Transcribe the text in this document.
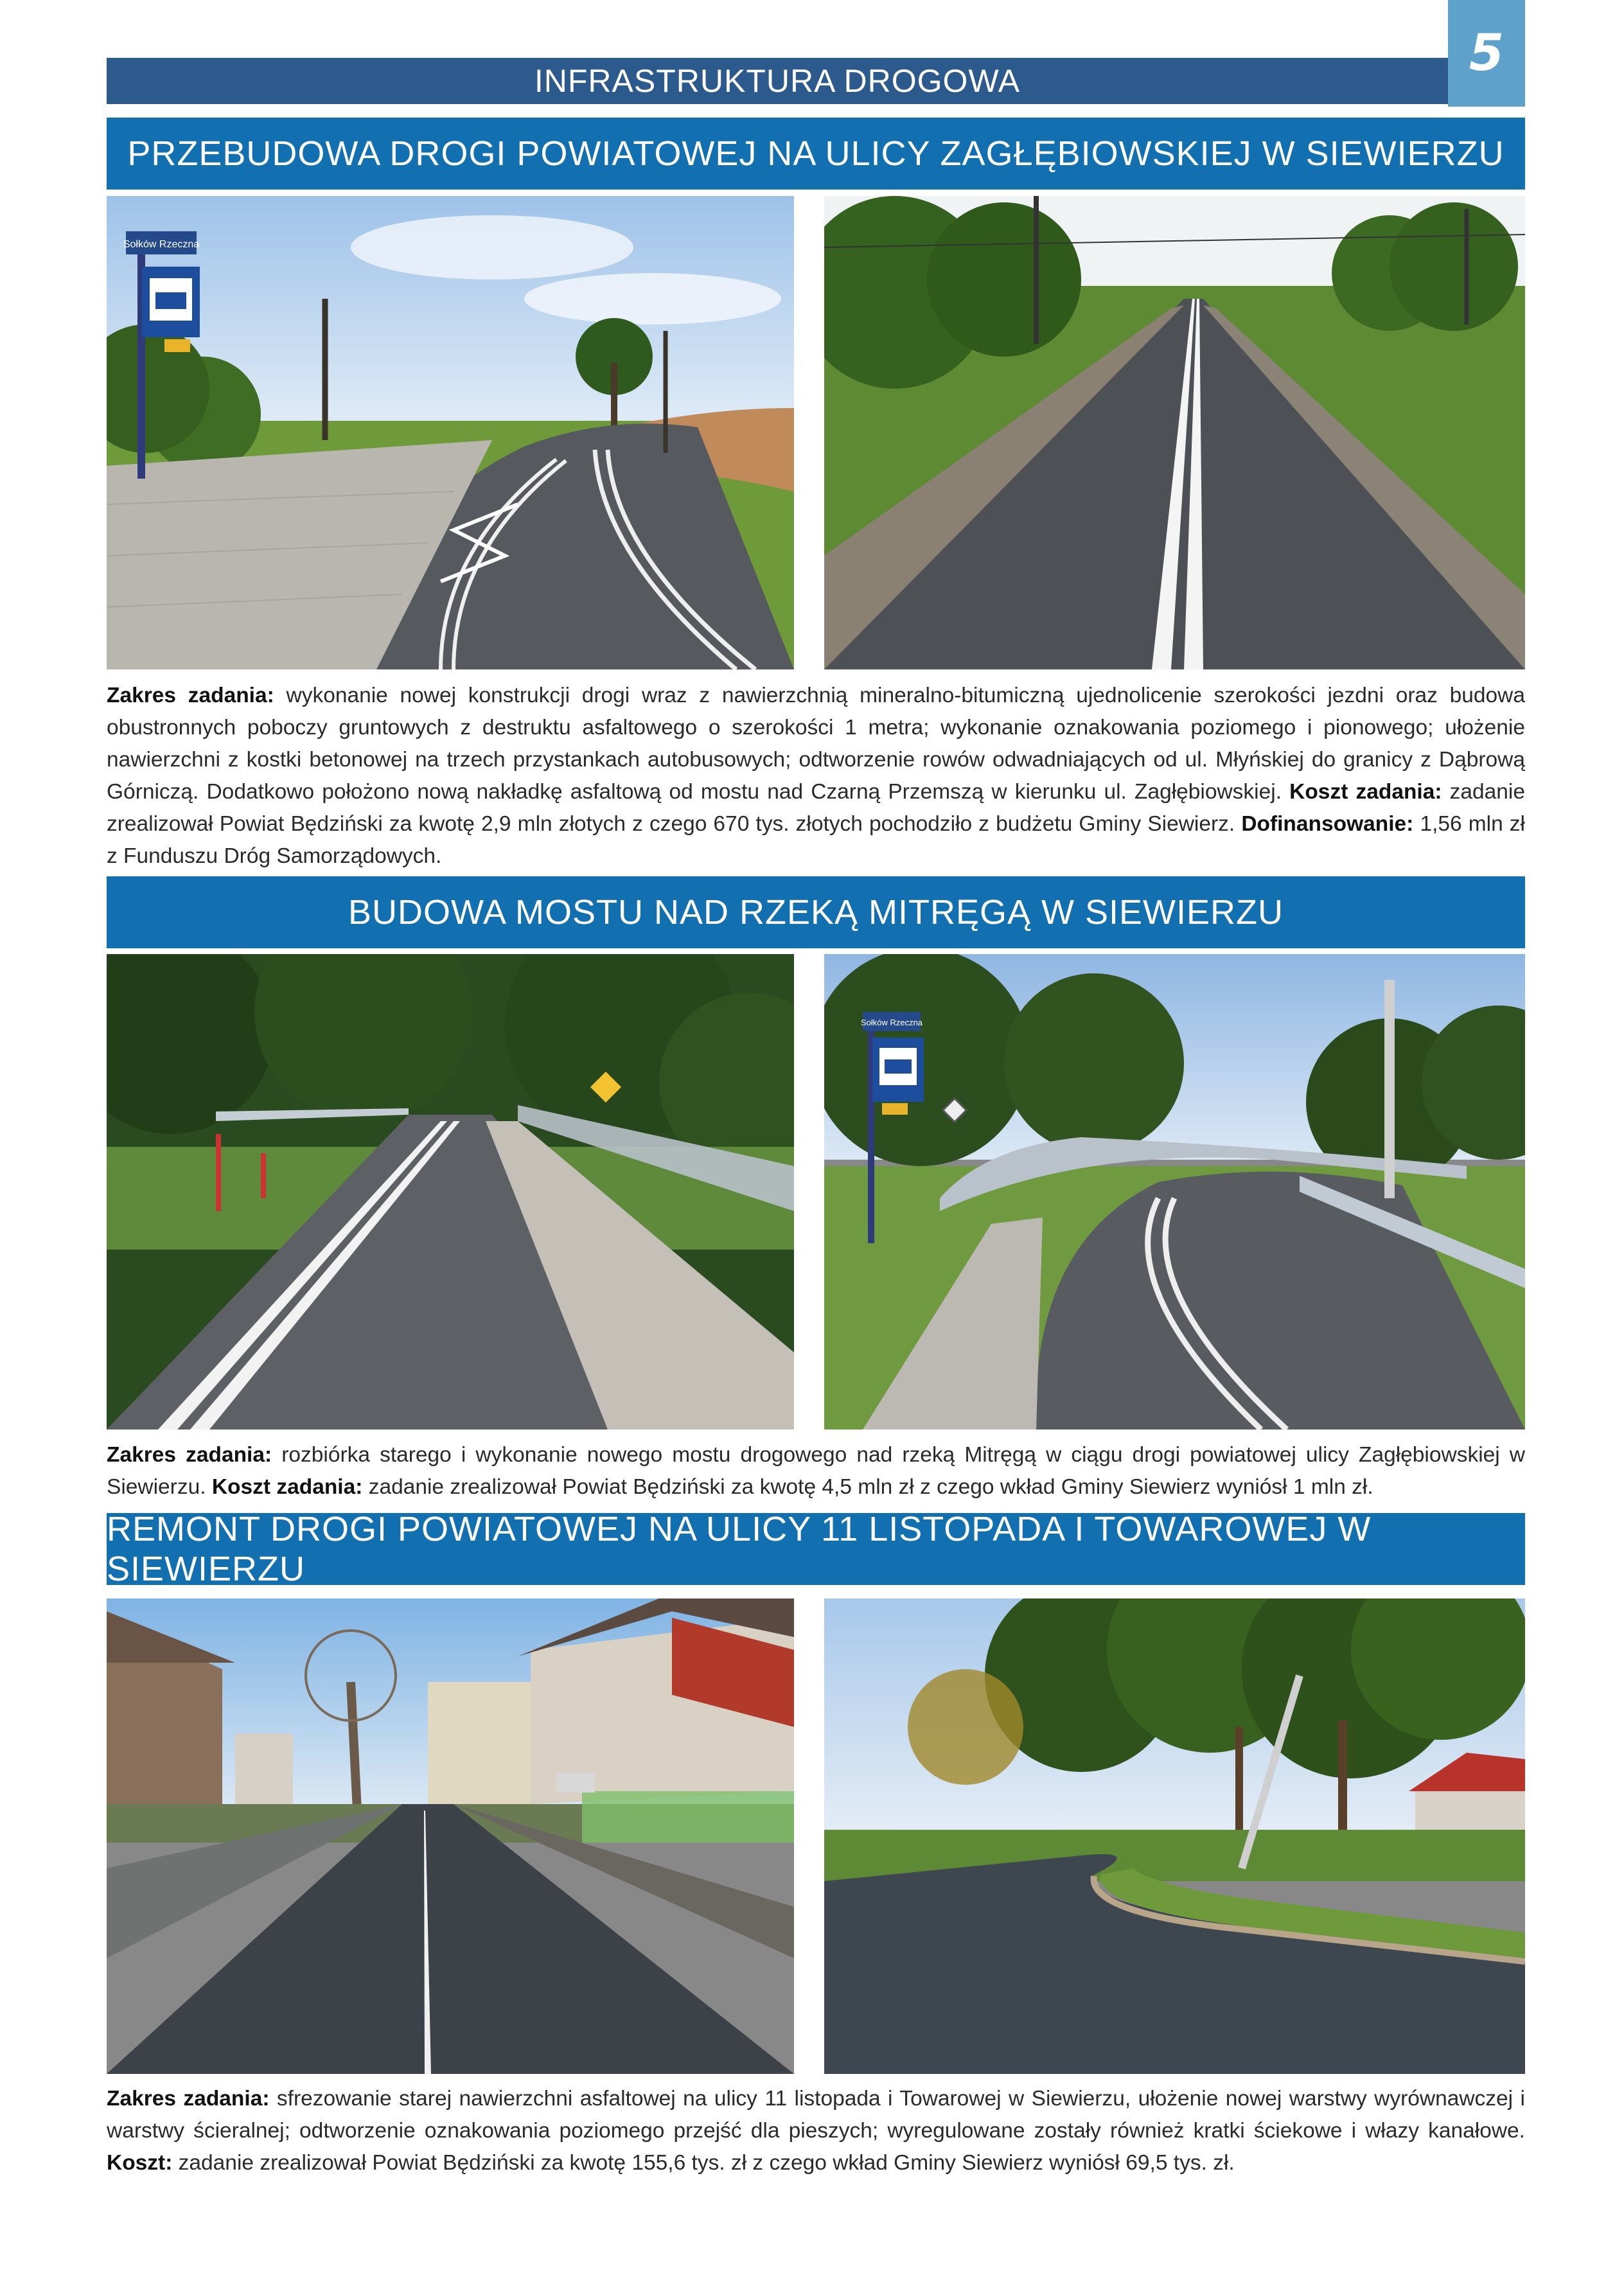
5
INFRASTRUKTURA DROGOWA
PRZEBUDOWA DROGI POWIATOWEJ NA ULICY ZAGŁĘBIOWSKIEJ W SIEWIERZU
Sołków Rzeczna
Zakres zadania: wykonanie nowej konstrukcji drogi wraz z nawierzchnią mineralno-bitumiczną ujednolicenie szerokości jezdni oraz budowa obustronnych poboczy gruntowych z destruktu asfaltowego o szerokości 1 metra; wykonanie oznakowania poziomego i pionowego; ułożenie nawierzchni z kostki betonowej na trzech przystankach autobusowych; odtworzenie rowów odwadniających od ul. Młyńskiej do granicy z Dąbrową Górniczą. Dodatkowo położono nową nakładkę asfaltową od mostu nad Czarną Przemszą w kierunku ul. Zagłębiowskiej. Koszt zadania: zadanie zrealizował Powiat Będziński za kwotę 2,9 mln złotych z czego 670 tys. złotych pochodziło z budżetu Gminy Siewierz. Dofinansowanie: 1,56 mln zł z Funduszu Dróg Samorządowych.
BUDOWA MOSTU NAD RZEKĄ MITRĘGĄ W SIEWIERZU
Sołków Rzeczna
Zakres zadania: rozbiórka starego i wykonanie nowego mostu drogowego nad rzeką Mitręgą w ciągu drogi powiatowej ulicy Zagłębiowskiej w Siewierzu. Koszt zadania: zadanie zrealizował Powiat Będziński za kwotę 4,5 mln zł z czego wkład Gminy Siewierz wyniósł 1 mln zł.
REMONT DROGI POWIATOWEJ NA ULICY 11 LISTOPADA I TOWAROWEJ W SIEWIERZU
Zakres zadania: sfrezowanie starej nawierzchni asfaltowej na ulicy 11 listopada i Towarowej w Siewierzu, ułożenie nowej warstwy wyrównawczej i warstwy ścieralnej; odtworzenie oznakowania poziomego przejść dla pieszych; wyregulowane zostały również kratki ściekowe i włazy kanałowe. Koszt: zadanie zrealizował Powiat Będziński za kwotę 155,6 tys. zł z czego wkład Gminy Siewierz wyniósł 69,5 tys. zł.
